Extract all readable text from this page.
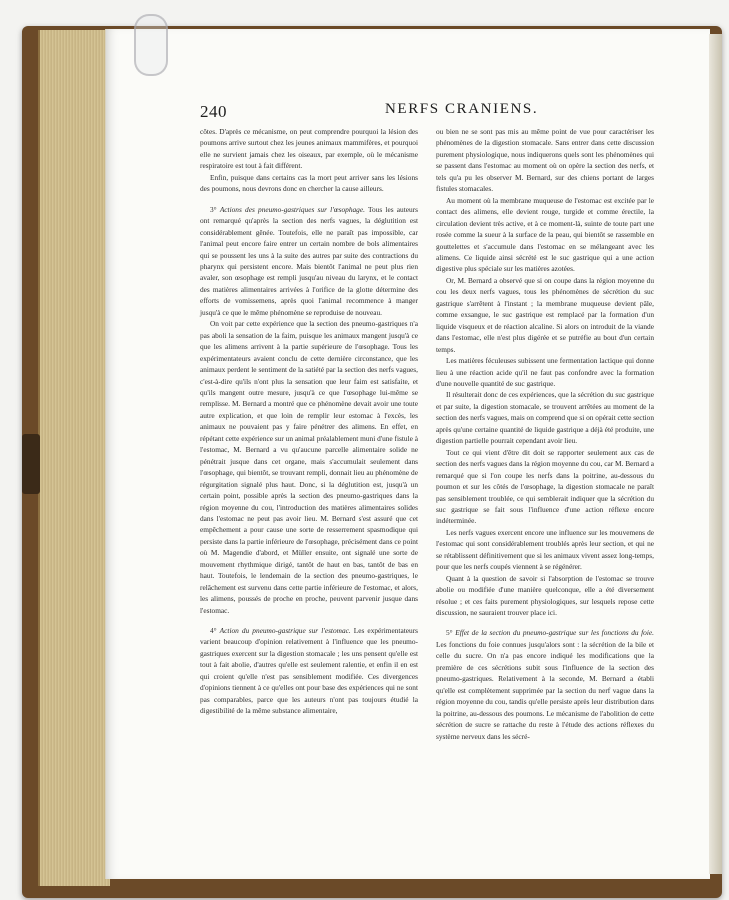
240	NERFS CRANIENS.

côtes. D'après ce mécanisme, on peut comprendre pourquoi la lésion des poumons arrive surtout chez les jeunes animaux mammifères, et pourquoi elle ne survient jamais chez les oiseaux, par exemple, où le mécanisme respiratoire est tout à fait différent.

Enfin, puisque dans certains cas la mort peut arriver sans les lésions des poumons, nous devrons donc en chercher la cause ailleurs.

3° Actions des pneumo-gastriques sur l'œsophage. Tous les auteurs ont remarqué qu'après la section des nerfs vagues, la déglutition est considérablement gênée. Toutefois, elle ne paraît pas impossible, car l'animal peut encore faire entrer un certain nombre de bols alimentaires qui se poussent les uns à la suite des autres par suite des contractions du pharynx qui persistent encore. Mais bientôt l'animal ne peut plus rien avaler, son œsophage est rempli jusqu'au niveau du larynx, et le contact des matières alimentaires arrivées à l'orifice de la glotte détermine des efforts de vomissemens, après quoi l'animal recommence à manger jusqu'à ce que le même phénomène se reproduise de nouveau.

On voit par cette expérience que la section des pneumo-gastriques n'a pas aboli la sensation de la faim, puisque les animaux mangent jusqu'à ce que les alimens arrivent à la partie supérieure de l'œsophage. Tous les expérimentateurs avaient conclu de cette dernière circonstance, que les animaux perdent le sentiment de la satiété par la section des nerfs vagues, c'est-à-dire qu'ils n'ont plus la sensation que leur faim est satisfaite, et qu'ils mangent outre mesure, jusqu'à ce que l'œsophage lui-même se remplisse. M. Bernard a montré que ce phénomène devait avoir une toute autre explication, et que loin de remplir leur estomac à l'excès, les animaux ne pouvaient pas y faire pénétrer des alimens. En effet, en répétant cette expérience sur un animal préalablement muni d'une fistule à l'estomac, M. Bernard a vu qu'aucune parcelle alimentaire solide ne pénétrait jusque dans cet organe, mais s'accumulait seulement dans l'œsophage, qui bientôt, se trouvant rempli, donnait lieu au phénomène de régurgitation signalé plus haut. Donc, si la déglutition est, jusqu'à un certain point, possible après la section des pneumo-gastriques dans la région moyenne du cou, l'introduction des matières alimentaires solides dans l'estomac ne peut pas avoir lieu. M. Bernard s'est assuré que cet empêchement a pour cause une sorte de resserrement spasmodique qui persiste dans la partie inférieure de l'œsophage, précisément dans ce point où M. Magendie d'abord, et Müller ensuite, ont signalé une sorte de mouvement rhythmique dirigé, tantôt de haut en bas, tantôt de bas en haut. Toutefois, le lendemain de la section des pneumo-gastriques, le relâchement est survenu dans cette partie inférieure de l'estomac, et alors, les alimens, poussés de proche en proche, peuvent parvenir jusque dans l'estomac.

4° Action du pneumo-gastrique sur l'estomac. Les expérimentateurs varient beaucoup d'opinion relativement à l'influence que les pneumo-gastriques exercent sur la digestion stomacale ; les uns pensent qu'elle est tout à fait abolie, d'autres qu'elle est seulement ralentie, et enfin il en est qui croient qu'elle n'est pas sensiblement modifiée. Ces divergences d'opinions tiennent à ce qu'elles ont pour base des expériences qui ne sont pas comparables, parce que les auteurs n'ont pas toujours étudié la digestibilité de la même substance alimentaire,

ou bien ne se sont pas mis au même point de vue pour caractériser les phénomènes de la digestion stomacale. Sans entrer dans cette discussion purement physiologique, nous indiquerons quels sont les phénomènes qui se passent dans l'estomac au moment où on opère la section des nerfs, et tels qu'a pu les observer M. Bernard, sur des chiens portant de larges fistules stomacales.

Au moment où la membrane muqueuse de l'estomac est excitée par le contact des alimens, elle devient rouge, turgide et comme érectile, la circulation devient très active, et à ce moment-là, suinte de toute part une rosée comme la sueur à la surface de la peau, qui bientôt se rassemble en gouttelettes et s'accumule dans l'estomac en se mélangeant avec les alimens. Ce liquide ainsi sécrété est le suc gastrique qui a une action digestive plus spéciale sur les matières azotées.

Or, M. Bernard a observé que si on coupe dans la région moyenne du cou les deux nerfs vagues, tous les phénomènes de sécrétion du suc gastrique s'arrêtent à l'instant ; la membrane muqueuse devient pâle, comme exsangue, le suc gastrique est remplacé par la formation d'un liquide visqueux et de réaction alcaline. Si alors on introduit de la viande dans l'estomac, elle n'est plus digérée et se putréfie au bout d'un certain temps.

Les matières féculeuses subissent une fermentation lactique qui donne lieu à une réaction acide qu'il ne faut pas confondre avec la formation d'une nouvelle quantité de suc gastrique.

Il résulterait donc de ces expériences, que la sécrétion du suc gastrique et par suite, la digestion stomacale, se trouvent arrêtées au moment de la section des nerfs vagues, mais on comprend que si on opérait cette section après qu'une certaine quantité de liquide gastrique a déjà été produite, une digestion partielle pourrait cependant avoir lieu.

Tout ce qui vient d'être dit doit se rapporter seulement aux cas de section des nerfs vagues dans la région moyenne du cou, car M. Bernard a remarqué que si l'on coupe les nerfs dans la poitrine, au-dessous du poumon et sur les côtés de l'œsophage, la digestion stomacale ne paraît pas sensiblement troublée, ce qui semblerait indiquer que la sécrétion du suc gastrique se fait sous l'influence d'une action réflexe encore indéterminée.

Les nerfs vagues exercent encore une influence sur les mouvemens de l'estomac qui sont considérablement troublés après leur section, et qui ne se rétablissent définitivement que si les animaux vivent assez long-temps, pour que les nerfs coupés viennent à se régénérer.

Quant à la question de savoir si l'absorption de l'estomac se trouve abolie ou modifiée d'une manière quelconque, elle a été diversement résolue ; et ces faits purement physiologiques, sur lesquels repose cette discussion, ne sauraient trouver place ici.

5° Effet de la section du pneumo-gastrique sur les fonctions du foie. Les fonctions du foie connues jusqu'alors sont : la sécrétion de la bile et celle du sucre. On n'a pas encore indiqué les modifications que la première de ces sécrétions subit sous l'influence de la section des pneumo-gastriques. Relativement à la seconde, M. Bernard a établi qu'elle est complètement supprimée par la section du nerf vague dans la région moyenne du cou, tandis qu'elle persiste après leur distribution dans la poitrine, au-dessous des poumons. Le mécanisme de l'abolition de cette sécrétion de sucre se rattache du reste à l'étude des actions réflexes du système nerveux dans les sécré-
